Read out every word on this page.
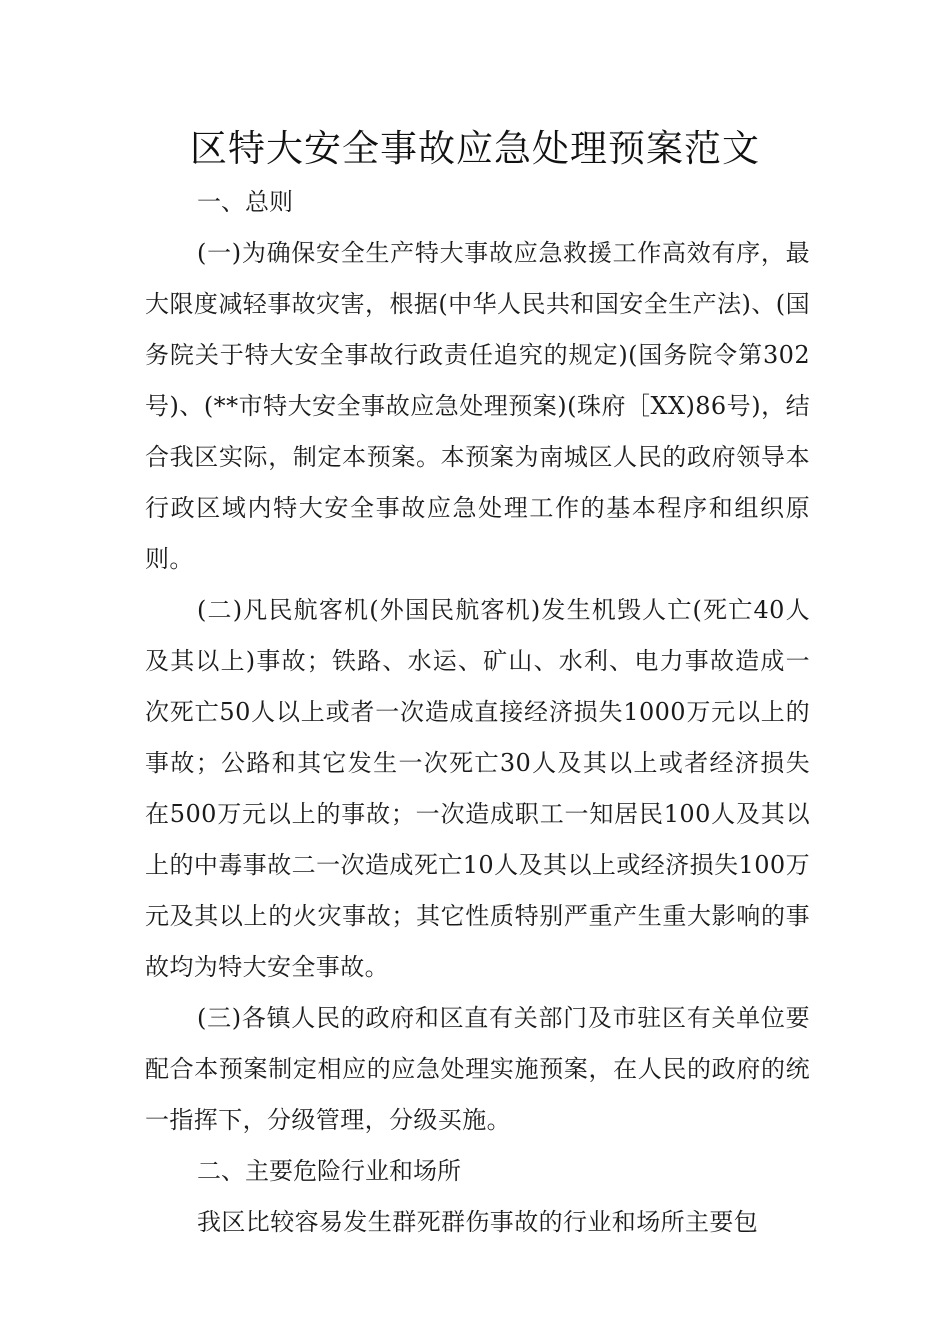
区特大安全事故应急处理预案范文

一、总则

(一)为确保安全生产特大事故应急救援工作高效有序，最大限度减轻事故灾害，根据(中华人民共和国安全生产法)、(国务院关于特大安全事故行政责任追究的规定)(国务院令第302号)、(**市特大安全事故应急处理预案)(珠府［XX)86号)，结合我区实际，制定本预案。本预案为南城区人民的政府领导本行政区域内特大安全事故应急处理工作的基本程序和组织原则。

(二)凡民航客机(外国民航客机)发生机毁人亡(死亡40人及其以上)事故；铁路、水运、矿山、水利、电力事故造成一次死亡50人以上或者一次造成直接经济损失1000万元以上的事故；公路和其它发生一次死亡30人及其以上或者经济损失在500万元以上的事故；一次造成职工一知居民100人及其以上的中毒事故二一次造成死亡10人及其以上或经济损失100万元及其以上的火灾事故；其它性质特别严重产生重大影响的事故均为特大安全事故。

(三)各镇人民的政府和区直有关部门及市驻区有关单位要配合本预案制定相应的应急处理实施预案，在人民的政府的统一指挥下，分级管理，分级买施。

二、主要危险行业和场所

我区比较容易发生群死群伤事故的行业和场所主要包
